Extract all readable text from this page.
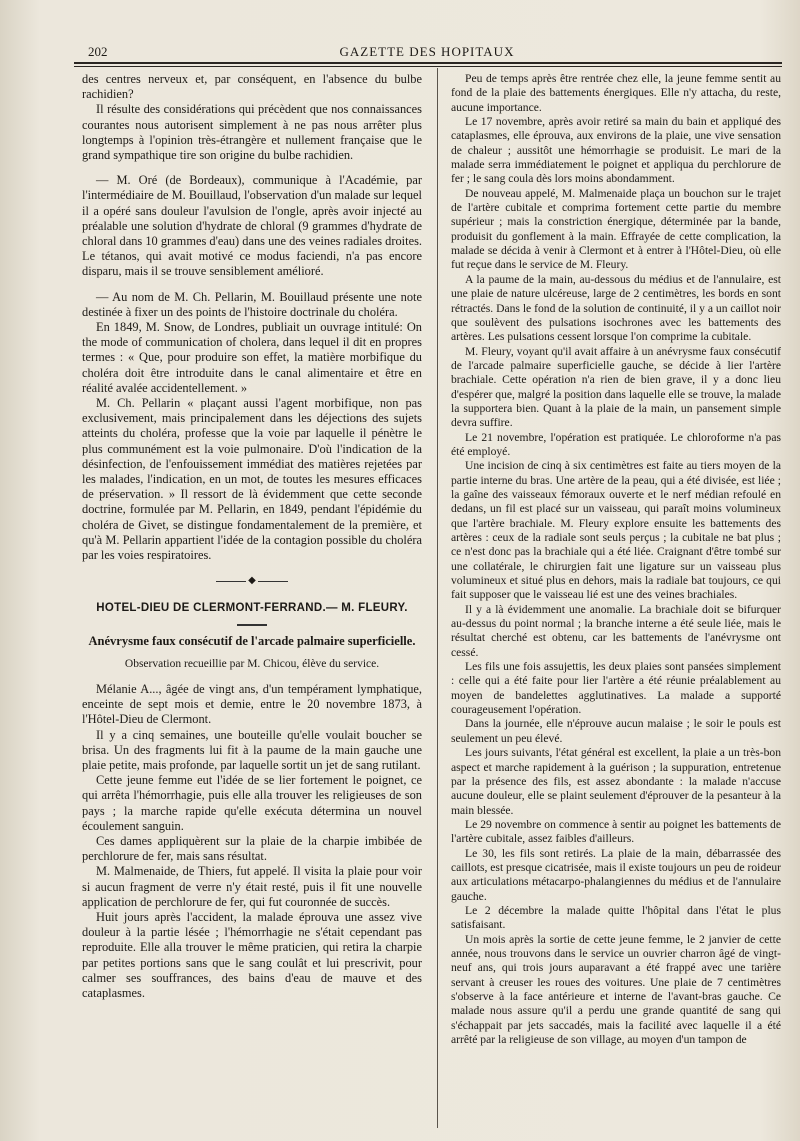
202	GAZETTE DES HOPITAUX

des centres nerveux et, par conséquent, en l'absence du bulbe rachidien?

Il résulte des considérations qui précèdent que nos connaissances courantes nous autorisent simplement à ne pas nous arrêter plus longtemps à l'opinion très-étrangère et nullement française que le grand sympathique tire son origine du bulbe rachidien.

— M. Oré (de Bordeaux), communique à l'Académie, par l'intermédiaire de M. Bouillaud, l'observation d'un malade sur lequel il a opéré sans douleur l'avulsion de l'ongle, après avoir injecté au préalable une solution d'hydrate de chloral (9 grammes d'hydrate de chloral dans 10 grammes d'eau) dans une des veines radiales droites. Le tétanos, qui avait motivé ce modus faciendi, n'a pas encore disparu, mais il se trouve sensiblement amélioré.

— Au nom de M. Ch. Pellarin, M. Bouillaud présente une note destinée à fixer un des points de l'histoire doctrinale du choléra.

En 1849, M. Snow, de Londres, publiait un ouvrage intitulé: On the mode of communication of cholera, dans lequel il dit en propres termes : « Que, pour produire son effet, la matière morbifique du choléra doit être introduite dans le canal alimentaire et être en réalité avalée accidentellement. »

M. Ch. Pellarin « plaçant aussi l'agent morbifique, non pas exclusivement, mais principalement dans les déjections des sujets atteints du choléra, professe que la voie par laquelle il pénètre le plus communément est la voie pulmonaire. D'où l'indication de la désinfection, de l'enfouissement immédiat des matières rejetées par les malades, l'indication, en un mot, de toutes les mesures efficaces de préservation. » Il ressort de là évidemment que cette seconde doctrine, formulée par M. Pellarin, en 1849, pendant l'épidémie du choléra de Givet, se distingue fondamentalement de la première, et qu'à M. Pellarin appartient l'idée de la contagion possible du choléra par les voies respiratoires.

◆

HOTEL-DIEU DE CLERMONT-FERRAND.— M. FLEURY.

Anévrysme faux consécutif de l'arcade palmaire superficielle.

Observation recueillie par M. Chicou, élève du service.

Mélanie A..., âgée de vingt ans, d'un tempérament lymphatique, enceinte de sept mois et demie, entre le 20 novembre 1873, à l'Hôtel-Dieu de Clermont.

Il y a cinq semaines, une bouteille qu'elle voulait boucher se brisa. Un des fragments lui fit à la paume de la main gauche une plaie petite, mais profonde, par laquelle sortit un jet de sang rutilant.

Cette jeune femme eut l'idée de se lier fortement le poignet, ce qui arrêta l'hémorrhagie, puis elle alla trouver les religieuses de son pays ; la marche rapide qu'elle exécuta détermina un nouvel écoulement sanguin.

Ces dames appliquèrent sur la plaie de la charpie imbibée de perchlorure de fer, mais sans résultat.

M. Malmenaide, de Thiers, fut appelé. Il visita la plaie pour voir si aucun fragment de verre n'y était resté, puis il fit une nouvelle application de perchlorure de fer, qui fut couronnée de succès.

Huit jours après l'accident, la malade éprouva une assez vive douleur à la partie lésée ; l'hémorrhagie ne s'était cependant pas reproduite. Elle alla trouver le même praticien, qui retira la charpie par petites portions sans que le sang coulât et lui prescrivit, pour calmer ses souffrances, des bains d'eau de mauve et des cataplasmes.

Peu de temps après être rentrée chez elle, la jeune femme sentit au fond de la plaie des battements énergiques. Elle n'y attacha, du reste, aucune importance.

Le 17 novembre, après avoir retiré sa main du bain et appliqué des cataplasmes, elle éprouva, aux environs de la plaie, une vive sensation de chaleur ; aussitôt une hémorrhagie se produisit. Le mari de la malade serra immédiatement le poignet et appliqua du perchlorure de fer ; le sang coula dès lors moins abondamment.

De nouveau appelé, M. Malmenaide plaça un bouchon sur le trajet de l'artère cubitale et comprima fortement cette partie du membre supérieur ; mais la constriction énergique, déterminée par la bande, produisit du gonflement à la main. Effrayée de cette complication, la malade se décida à venir à Clermont et à entrer à l'Hôtel-Dieu, où elle fut reçue dans le service de M. Fleury.

A la paume de la main, au-dessous du médius et de l'annulaire, est une plaie de nature ulcéreuse, large de 2 centimètres, les bords en sont rétractés. Dans le fond de la solution de continuité, il y a un caillot noir que soulèvent des pulsations isochrones avec les battements des artères. Les pulsations cessent lorsque l'on comprime la cubitale.

M. Fleury, voyant qu'il avait affaire à un anévrysme faux consécutif de l'arcade palmaire superficielle gauche, se décide à lier l'artère brachiale. Cette opération n'a rien de bien grave, il y a donc lieu d'espérer que, malgré la position dans laquelle elle se trouve, la malade la supportera bien. Quant à la plaie de la main, un pansement simple devra suffire.

Le 21 novembre, l'opération est pratiquée. Le chloroforme n'a pas été employé.

Une incision de cinq à six centimètres est faite au tiers moyen de la partie interne du bras. Une artère de la peau, qui a été divisée, est liée ; la gaîne des vaisseaux fémoraux ouverte et le nerf médian refoulé en dedans, un fil est placé sur un vaisseau, qui paraît moins volumineux que l'artère brachiale. M. Fleury explore ensuite les battements des artères : ceux de la radiale sont seuls perçus ; la cubitale ne bat plus ; ce n'est donc pas la brachiale qui a été liée. Craignant d'être tombé sur une collatérale, le chirurgien fait une ligature sur un vaisseau plus volumineux et situé plus en dehors, mais la radiale bat toujours, ce qui fait supposer que le vaisseau lié est une des veines brachiales.

Il y a là évidemment une anomalie. La brachiale doit se bifurquer au-dessus du point normal ; la branche interne a été seule liée, mais le résultat cherché est obtenu, car les battements de l'anévrysme ont cessé.

Les fils une fois assujettis, les deux plaies sont pansées simplement : celle qui a été faite pour lier l'artère a été réunie préalablement au moyen de bandelettes agglutinatives. La malade a supporté courageusement l'opération.

Dans la journée, elle n'éprouve aucun malaise ; le soir le pouls est seulement un peu élevé.

Les jours suivants, l'état général est excellent, la plaie a un très-bon aspect et marche rapidement à la guérison ; la suppuration, entretenue par la présence des fils, est assez abondante : la malade n'accuse aucune douleur, elle se plaint seulement d'éprouver de la pesanteur à la main blessée.

Le 29 novembre on commence à sentir au poignet les battements de l'artère cubitale, assez faibles d'ailleurs.

Le 30, les fils sont retirés. La plaie de la main, débarrassée des caillots, est presque cicatrisée, mais il existe toujours un peu de roideur aux articulations métacarpo-phalangiennes du médius et de l'annulaire gauche.

Le 2 décembre la malade quitte l'hôpital dans l'état le plus satisfaisant.

Un mois après la sortie de cette jeune femme, le 2 janvier de cette année, nous trouvons dans le service un ouvrier charron âgé de vingt-neuf ans, qui trois jours auparavant a été frappé avec une tarière servant à creuser les roues des voitures. Une plaie de 7 centimètres s'observe à la face antérieure et interne de l'avant-bras gauche. Ce malade nous assure qu'il a perdu une grande quantité de sang qui s'échappait par jets saccadés, mais la facilité avec laquelle il a été arrêté par la religieuse de son village, au moyen d'un tampon de
